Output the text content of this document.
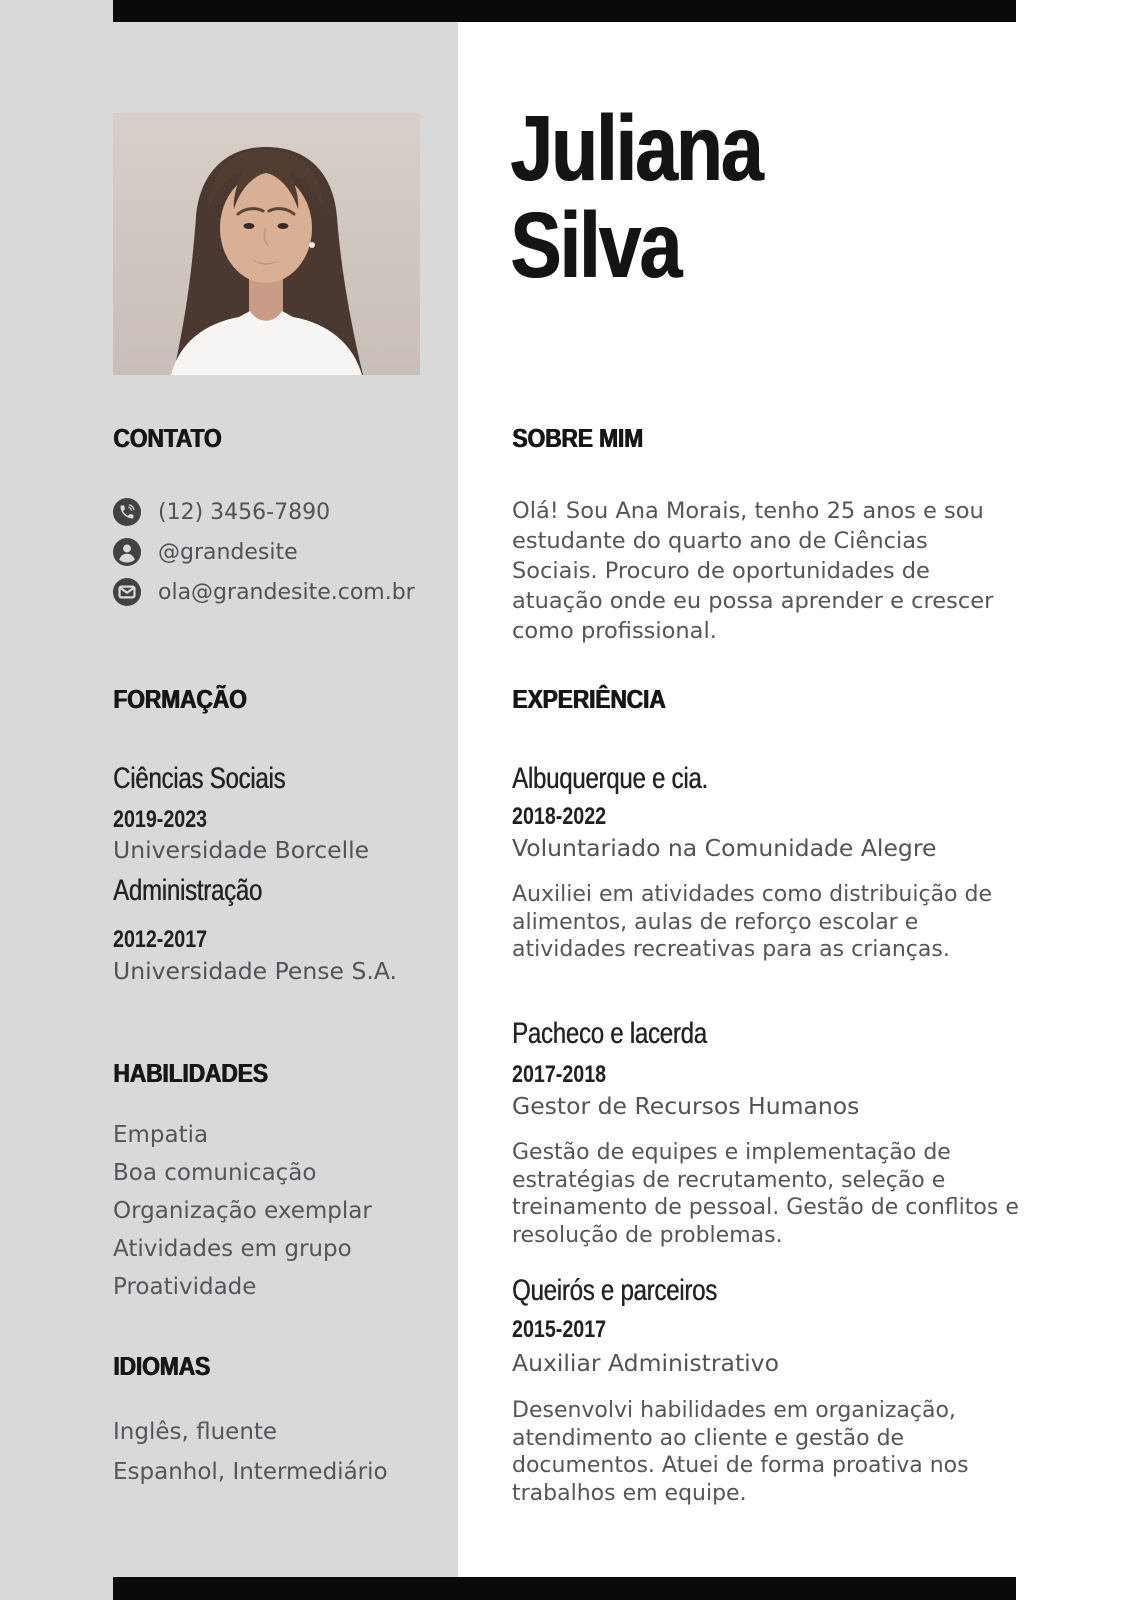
Juliana
Silva
CONTATO
(12) 3456-7890
@grandesite
ola@grandesite.com.br
FORMAÇÃO
Ciências Sociais
2019-2023
Universidade Borcelle
Administração
2012-2017
Universidade Pense S.A.
HABILIDADES
Empatia
Boa comunicação
Organização exemplar
Atividades em grupo
Proatividade
IDIOMAS
Inglês, fluente
Espanhol, Intermediário
SOBRE MIM
Olá! Sou Ana Morais, tenho 25 anos e sou estudante do quarto ano de Ciências Sociais. Procuro de oportunidades de atuação onde eu possa aprender e crescer como profissional.
EXPERIÊNCIA
Albuquerque e cia.
2018-2022
Voluntariado na Comunidade Alegre
Auxiliei em atividades como distribuição de alimentos, aulas de reforço escolar e atividades recreativas para as crianças.
Pacheco e lacerda
2017-2018
Gestor de Recursos Humanos
Gestão de equipes e implementação de estratégias de recrutamento, seleção e treinamento de pessoal. Gestão de conflitos e resolução de problemas.
Queirós e parceiros
2015-2017
Auxiliar Administrativo
Desenvolvi habilidades em organização, atendimento ao cliente e gestão de documentos. Atuei de forma proativa nos trabalhos em equipe.
